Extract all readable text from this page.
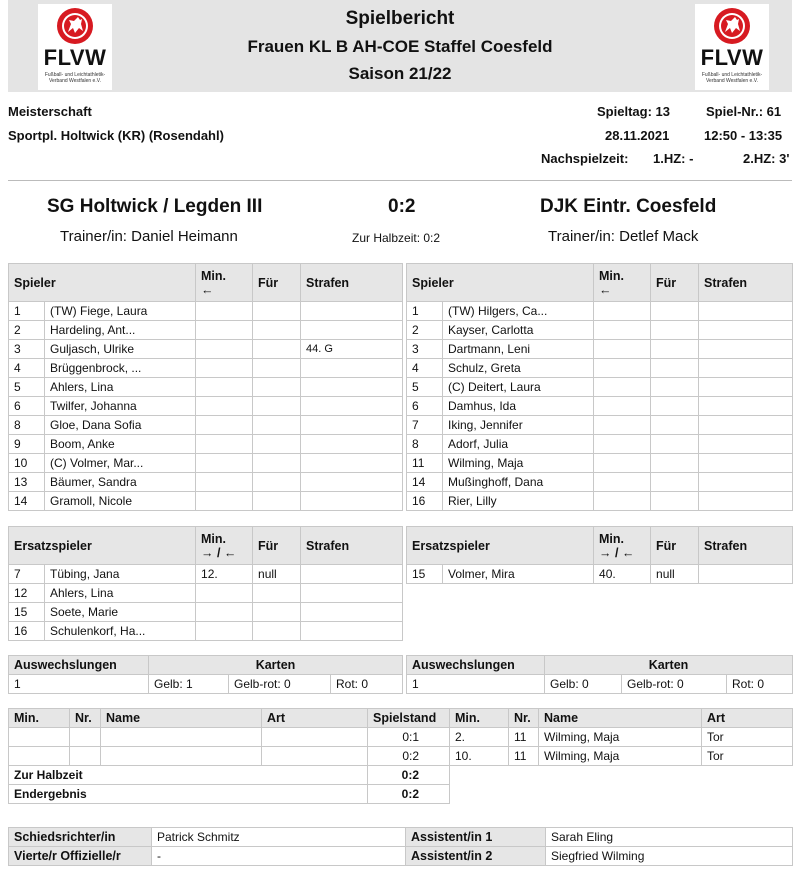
FLVW
Fußball- und Leichtathletik-Verband Westfalen e.V.
FLVW
Fußball- und Leichtathletik-Verband Westfalen e.V.
Spielbericht
Frauen KL B AH-COE Staffel Coesfeld
Saison 21/22
Meisterschaft
Sportpl. Holtwick (KR) (Rosendahl)
Spieltag: 13	Spiel-Nr.: 61
28.11.2021	12:50 - 13:35
Nachspielzeit: 1.HZ: -	2.HZ: 3'
SG Holtwick / Legden III	0:2	DJK Eintr. Coesfeld
Trainer/in: Daniel Heimann	Zur Halbzeit: 0:2	Trainer/in: Detlef Mack
Spieler		Min.
←	Für	Strafen
1	(TW) Fiege, Laura			
2	Hardeling, Ant...			
3	Guljasch, Ulrike			44. G
4	Brüggenbrock, ...			
5	Ahlers, Lina			
6	Twilfer, Johanna			
8	Gloe, Dana Sofia			
9	Boom, Anke			
10	(C) Volmer, Mar...			
13	Bäumer, Sandra			
14	Gramoll, Nicole			
Spieler		Min.
←	Für	Strafen
1	(TW) Hilgers, Ca...			
2	Kayser, Carlotta			
3	Dartmann, Leni			
4	Schulz, Greta			
5	(C) Deitert, Laura			
6	Damhus, Ida			
7	Iking, Jennifer			
8	Adorf, Julia			
11	Wilming, Maja			
14	Mußinghoff, Dana			
16	Rier, Lilly			
Ersatzspieler		Min.
→ / ←	Für	Strafen
7	Tübing, Jana	12.	null	
12	Ahlers, Lina			
15	Soete, Marie			
16	Schulenkorf, Ha...			
Ersatzspieler		Min.
→ / ←	Für	Strafen
15	Volmer, Mira	40.	null	
Auswechslungen	Karten		
1	Gelb: 1	Gelb-rot: 0	Rot: 0
Auswechslungen	Karten		
1	Gelb: 0	Gelb-rot: 0	Rot: 0
Min.	Nr.	Name	Art	Spielstand	Min.	Nr.	Name	Art
				0:1	2.	11	Wilming, Maja	Tor
				0:2	10.	11	Wilming, Maja	Tor
Zur Halbzeit				0:2				
Endergebnis				0:2				
Schiedsrichter/in	Patrick Schmitz	Assistent/in 1	Sarah Eling
Vierte/r Offizielle/r	-	Assistent/in 2	Siegfried Wilming
